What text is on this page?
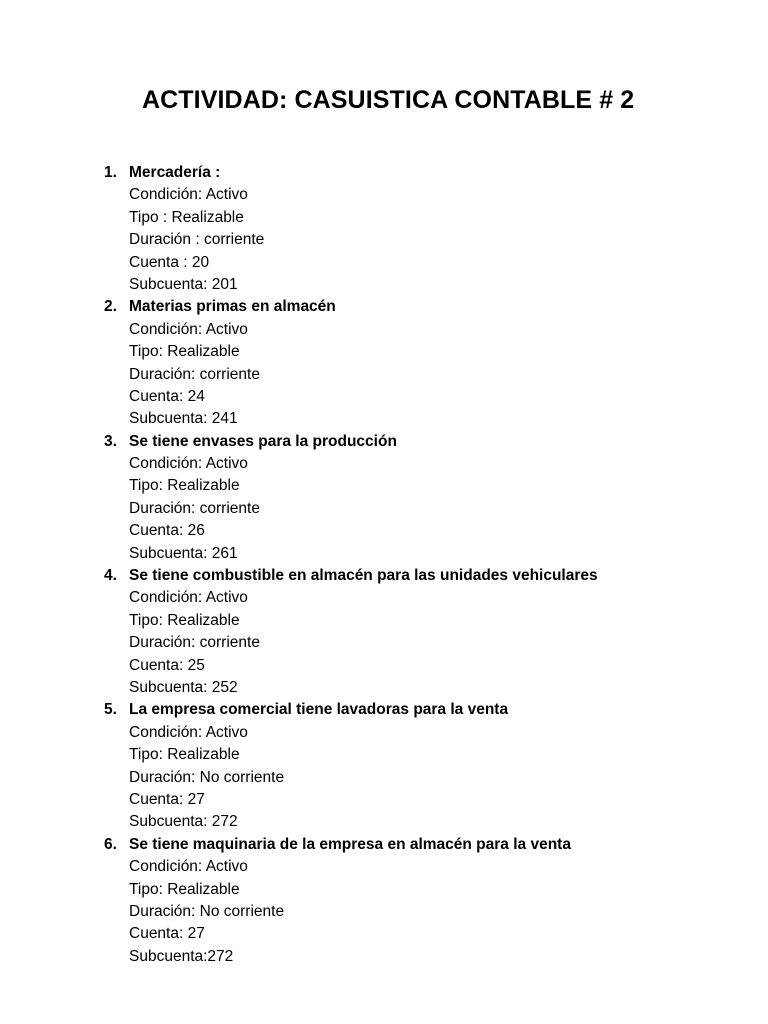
ACTIVIDAD: CASUISTICA CONTABLE # 2
1. Mercadería :
Condición: Activo
Tipo : Realizable
Duración : corriente
Cuenta : 20
Subcuenta: 201
2. Materias primas en almacén
Condición: Activo
Tipo: Realizable
Duración: corriente
Cuenta: 24
Subcuenta: 241
3. Se tiene envases para la producción
Condición: Activo
Tipo: Realizable
Duración: corriente
Cuenta: 26
Subcuenta: 261
4. Se tiene combustible en almacén para las unidades vehiculares
Condición: Activo
Tipo: Realizable
Duración: corriente
Cuenta: 25
Subcuenta: 252
5. La empresa comercial tiene lavadoras para la venta
Condición: Activo
Tipo: Realizable
Duración: No corriente
Cuenta: 27
Subcuenta: 272
6. Se tiene maquinaria de la empresa en almacén para la venta
Condición: Activo
Tipo: Realizable
Duración: No corriente
Cuenta: 27
Subcuenta:272
